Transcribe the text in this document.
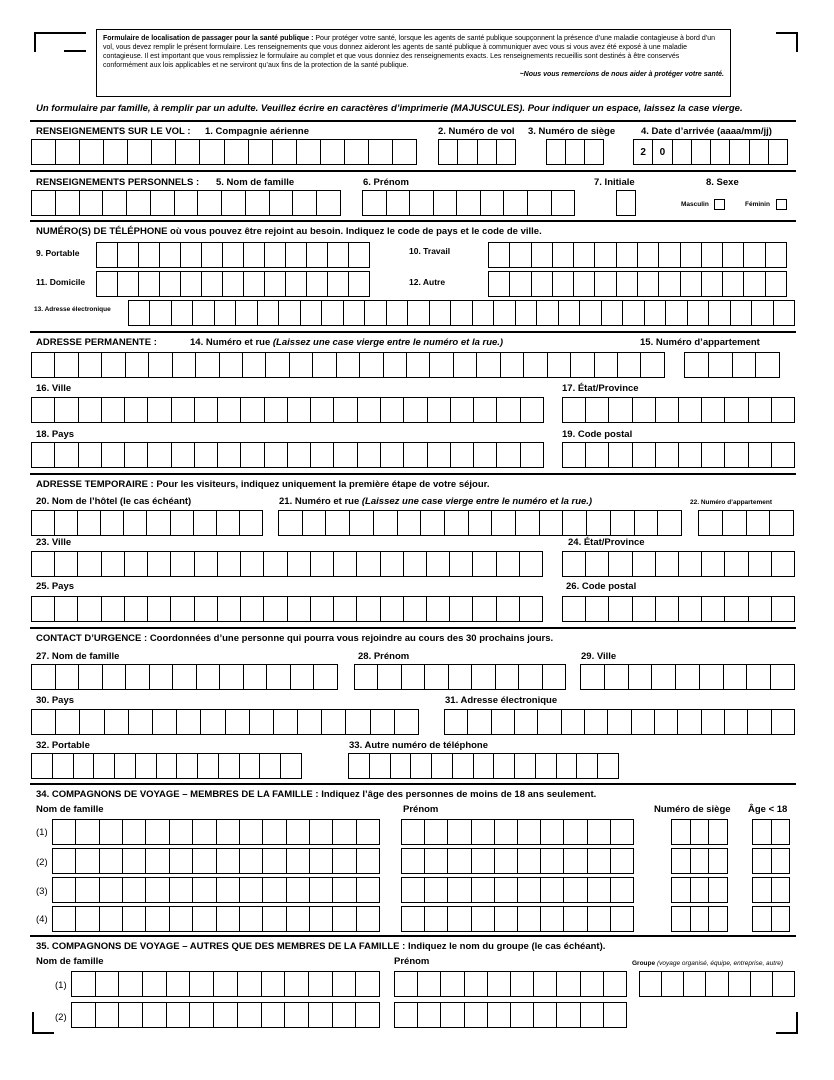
Formulaire de localisation de passager pour la santé publique : Pour protéger votre santé, lorsque les agents de santé publique soupçonnent la présence d’une maladie contagieuse à bord d’un vol, vous devez remplir le présent formulaire. Les renseignements que vous donnez aideront les agents de santé publique à communiquer avec vous si vous avez été exposé à une maladie contagieuse. Il est important que vous remplissiez le formulaire au complet et que vous donniez des renseignements exacts. Les renseignements recueillis sont destinés à être conservés conformément aux lois applicables et ne serviront qu’aux fins de la protection de la santé publique.
~Nous vous remercions de nous aider à protéger votre santé.
Un formulaire par famille, à remplir par un adulte. Veuillez écrire en caractères d’imprimerie (MAJUSCULES). Pour indiquer un espace, laissez la case vierge.
RENSEIGNEMENTS SUR LE VOL : 1. Compagnie aérienne	2. Numéro de vol 3. Numéro de siège	4. Date d’arrivée (aaaa/mm/jj)
2	0
RENSEIGNEMENTS PERSONNELS : 5. Nom de famille	6. Prénom	7. Initiale	8. Sexe
Masculin	Féminin
NUMÉRO(S) DE TÉLÉPHONE où vous pouvez être rejoint au besoin. Indiquez le code de pays et le code de ville.
9. Portable	10. Travail
11. Domicile	12. Autre
13. Adresse électronique
ADRESSE PERMANENTE :	14. Numéro et rue (Laissez une case vierge entre le numéro et la rue.)	15. Numéro d’appartement
16. Ville	17. État/Province
18. Pays	19. Code postal
ADRESSE TEMPORAIRE : Pour les visiteurs, indiquez uniquement la première étape de votre séjour.
20. Nom de l’hôtel (le cas échéant)	21. Numéro et rue (Laissez une case vierge entre le numéro et la rue.)	22. Numéro d’appartement
23. Ville	24. État/Province
25. Pays	26. Code postal
CONTACT D’URGENCE : Coordonnées d’une personne qui pourra vous rejoindre au cours des 30 prochains jours.
27. Nom de famille	28. Prénom	29. Ville
30. Pays	31. Adresse électronique
32. Portable	33. Autre numéro de téléphone
34. COMPAGNONS DE VOYAGE – MEMBRES DE LA FAMILLE : Indiquez l’âge des personnes de moins de 18 ans seulement.
Nom de famille	Prénom	Numéro de siège Âge < 18
(1)
(2)
(3)
(4)
35. COMPAGNONS DE VOYAGE – AUTRES QUE DES MEMBRES DE LA FAMILLE : Indiquez le nom du groupe (le cas échéant).
Nom de famille	Prénom	Groupe (voyage organisé, équipe, entreprise, autre)
(1)
(2)
